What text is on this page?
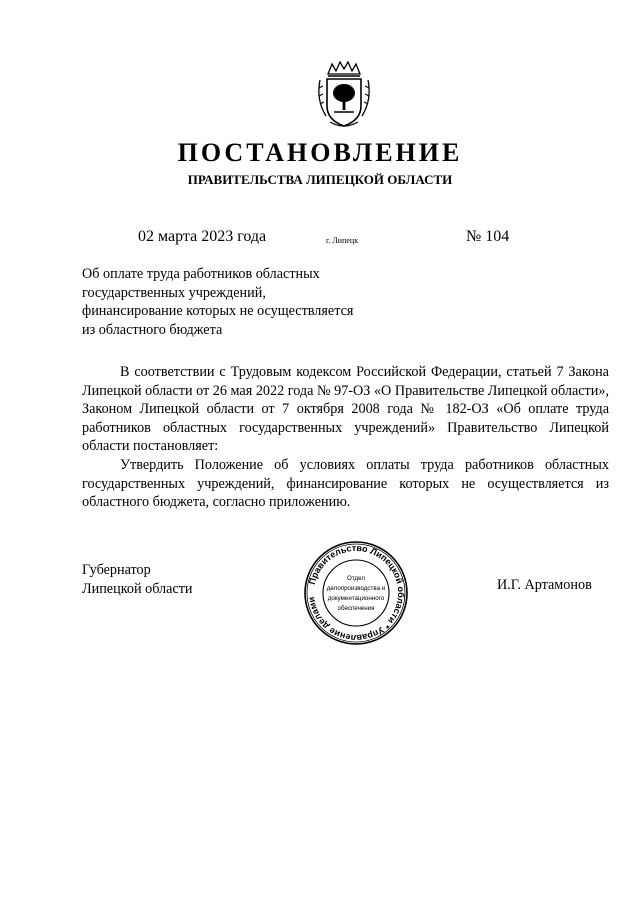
ПОСТАНОВЛЕНИЕ
ПРАВИТЕЛЬСТВА ЛИПЕЦКОЙ ОБЛАСТИ
02 марта 2023 года	г. Липецк	№ 104
Об оплате труда работников областных
государственных учреждений,
финансирование которых не осуществляется
из областного бюджета

В соответствии с Трудовым кодексом Российской Федерации, статьей 7 Закона Липецкой области от 26 мая 2022 года № 97-ОЗ «О Правительстве Липецкой области», Законом Липецкой области от 7 октября 2008 года № 182-ОЗ «Об оплате труда работников областных государственных учреждений» Правительство Липецкой области постановляет:

Утвердить Положение об условиях оплаты труда работников областных государственных учреждений, финансирование которых не осуществляется из областного бюджета, согласно приложению.

Губернатор
Липецкой области	И.Г. Артамонов
Правительство Липецкой области * Управление делами
Отдел
делопроизводства и
документационного
обеспечения
